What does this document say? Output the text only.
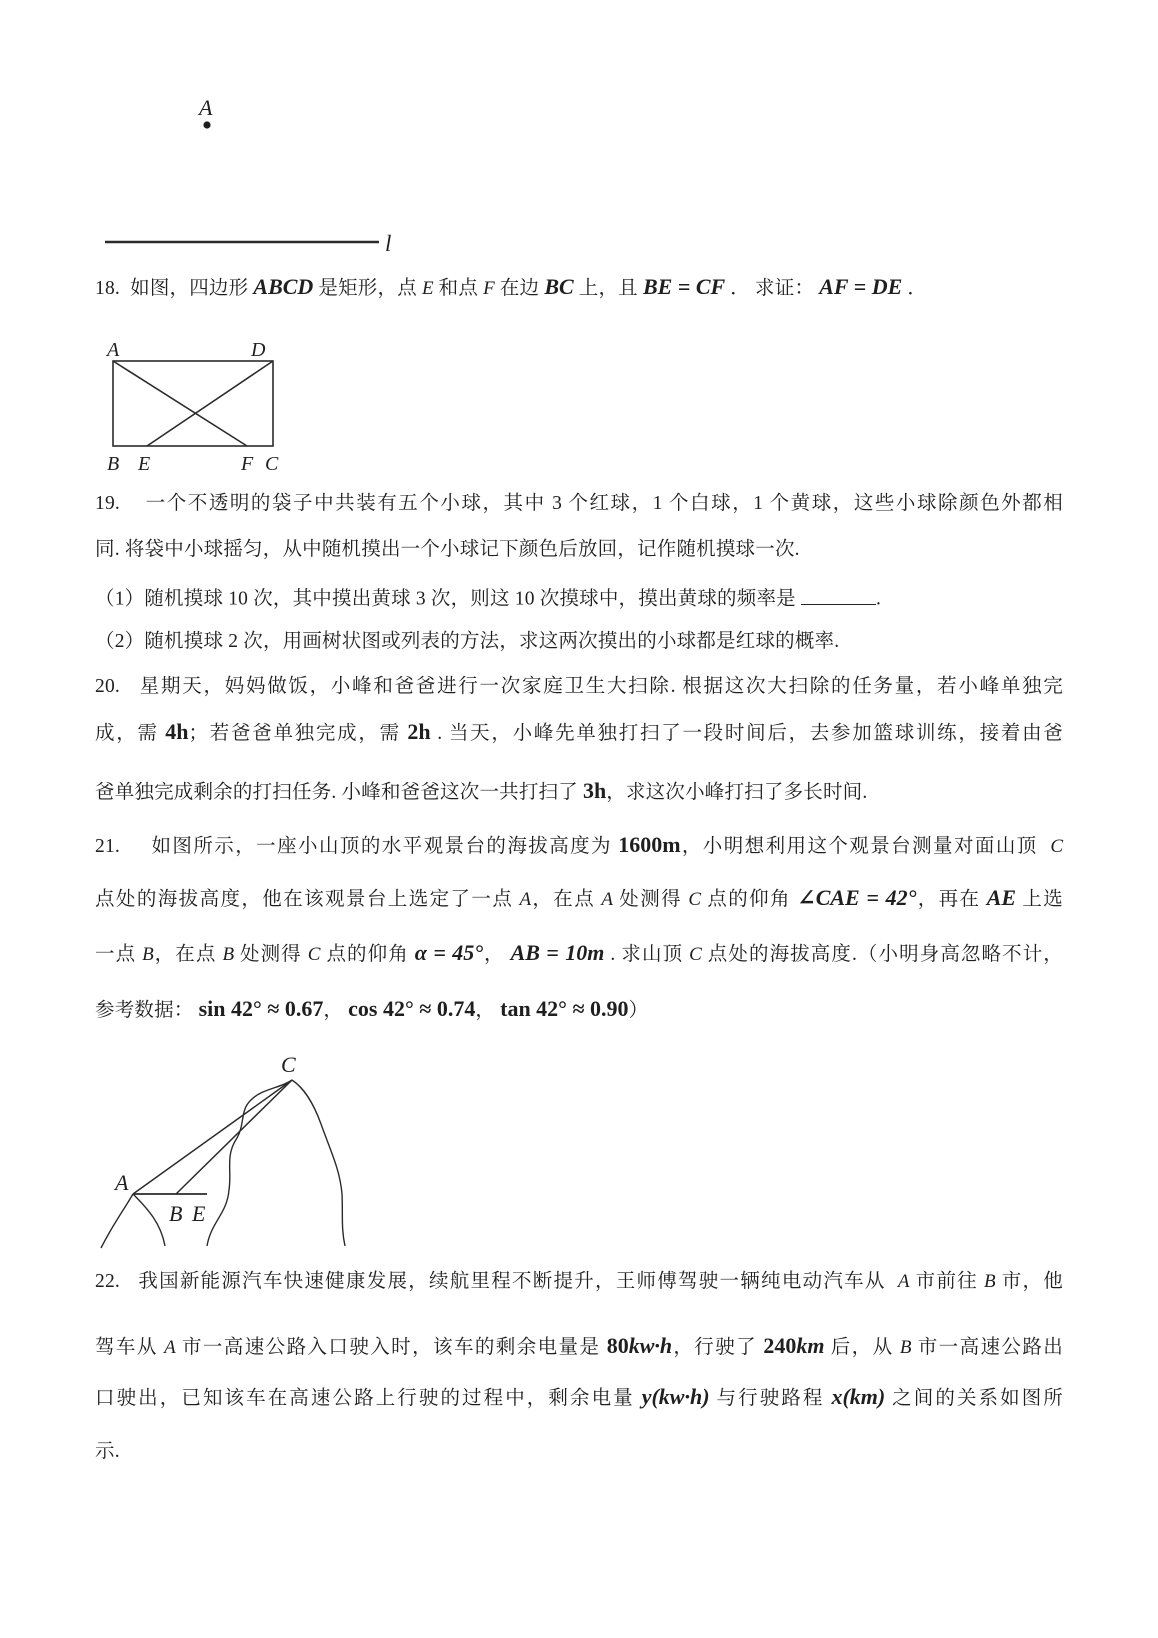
A
l
18.  如图，四边形 ABCD 是矩形，点 E 和点 F 在边 BC 上，且 BE = CF ． 求证： AF = DE ．
A	D
B E	F C
19.    一个不透明的袋子中共装有五个小球，其中 3 个红球，1 个白球，1 个黄球，这些小球除颜色外都相
同. 将袋中小球摇匀，从中随机摸出一个小球记下颜色后放回，记作随机摸球一次.
（1）随机摸球 10 次，其中摸出黄球 3 次，则这 10 次摸球中，摸出黄球的频率是	.
（2）随机摸球 2 次，用画树状图或列表的方法，求这两次摸出的小球都是红球的概率.
20.   星期天，妈妈做饭，小峰和爸爸进行一次家庭卫生大扫除. 根据这次大扫除的任务量，若小峰单独完
成，需 4h；若爸爸单独完成，需 2h . 当天，小峰先单独打扫了一段时间后，去参加篮球训练，接着由爸
爸单独完成剩余的打扫任务. 小峰和爸爸这次一共打扫了 3h，求这次小峰打扫了多长时间.
21.     如图所示，一座小山顶的水平观景台的海拔高度为 1600m，小明想利用这个观景台测量对面山顶  C
点处的海拔高度，他在该观景台上选定了一点 A，在点 A 处测得 C 点的仰角 ∠CAE = 42°，再在 AE 上选
一点 B，在点 B 处测得 C 点的仰角 α = 45°， AB = 10m . 求山顶 C 点处的海拔高度.（小明身高忽略不计，
参考数据： sin 42° ≈ 0.67， cos 42° ≈ 0.74， tan 42° ≈ 0.90）
C
A
B E
22.   我国新能源汽车快速健康发展，续航里程不断提升，王师傅驾驶一辆纯电动汽车从  A 市前往 B 市，他
驾车从 A 市一高速公路入口驶入时，该车的剩余电量是 80kw·h，行驶了 240km 后，从 B 市一高速公路出
口驶出，已知该车在高速公路上行驶的过程中，剩余电量 y(kw·h) 与行驶路程 x(km) 之间的关系如图所
示.
